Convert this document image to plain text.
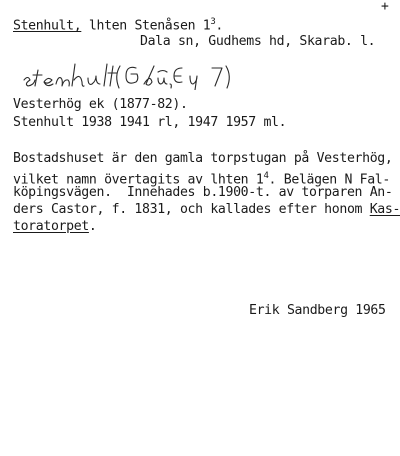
+
Stenhult, lhten Stenåsen $1^3$.
Dala sn, Gudhems hd, Skarab. l.
Vesterhög ek (1877-82).
Stenhult 1938 1941 rl, 1947 1957 ml.
Bostadshuset är den gamla torpstugan på Vesterhög,
vilket namn övertagits av lhten $1^4$. Belägen N Fal-
köpingsvägen.  Innehades b.1900-t. av torparen An-
ders Castor, f. 1831, och kallades efter honom Kas-
toratorpet.
Erik Sandberg 1965
